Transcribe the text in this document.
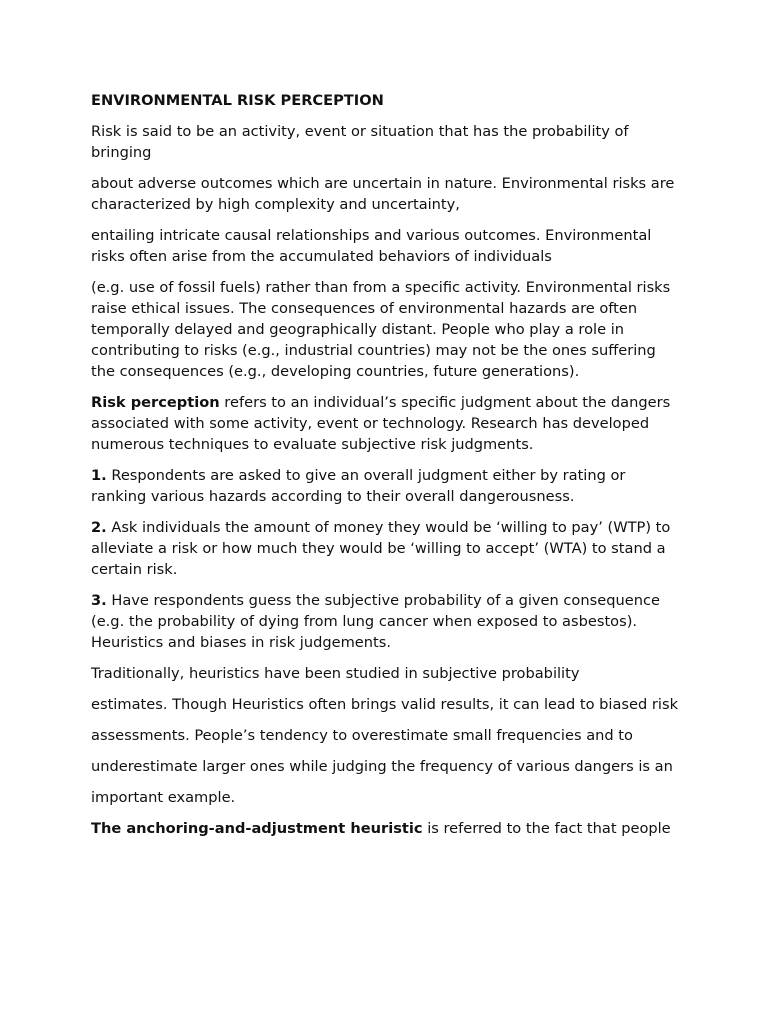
ENVIRONMENTAL RISK PERCEPTION

Risk is said to be an activity, event or situation that has the probability of bringing

about adverse outcomes which are uncertain in nature. Environmental risks are characterized by high complexity and uncertainty,

entailing intricate causal relationships and various outcomes. Environmental risks often arise from the accumulated behaviors of individuals

(e.g. use of fossil fuels) rather than from a specific activity. Environmental risks raise ethical issues. The consequences of environmental hazards are often temporally delayed and geographically distant. People who play a role in contributing to risks (e.g., industrial countries) may not be the ones suffering the consequences (e.g., developing countries, future generations).

Risk perception refers to an individual’s specific judgment about the dangers associated with some activity, event or technology. Research has developed numerous techniques to evaluate subjective risk judgments.

1. Respondents are asked to give an overall judgment either by rating or ranking various hazards according to their overall dangerousness.

2. Ask individuals the amount of money they would be ‘willing to pay’ (WTP) to alleviate a risk or how much they would be ‘willing to accept’ (WTA) to stand a certain risk.

3. Have respondents guess the subjective probability of a given consequence (e.g. the probability of dying from lung cancer when exposed to asbestos). Heuristics and biases in risk judgements.

Traditionally, heuristics have been studied in subjective probability

estimates. Though Heuristics often brings valid results, it can lead to biased risk

assessments. People’s tendency to overestimate small frequencies and to

underestimate larger ones while judging the frequency of various dangers is an

important example.

The anchoring-and-adjustment heuristic is referred to the fact that people
